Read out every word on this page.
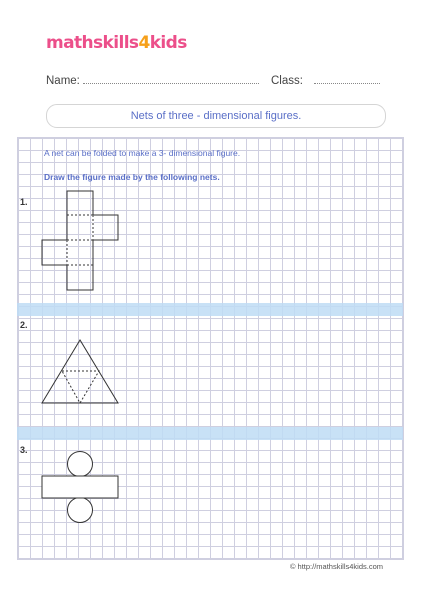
mathskills4kids
Name:	Class:
Nets of three - dimensional figures.
A net can be folded to make a 3- dimensional figure.
Draw the figure made by the following nets.
1.
2.
3.
© http://mathskills4kids.com
